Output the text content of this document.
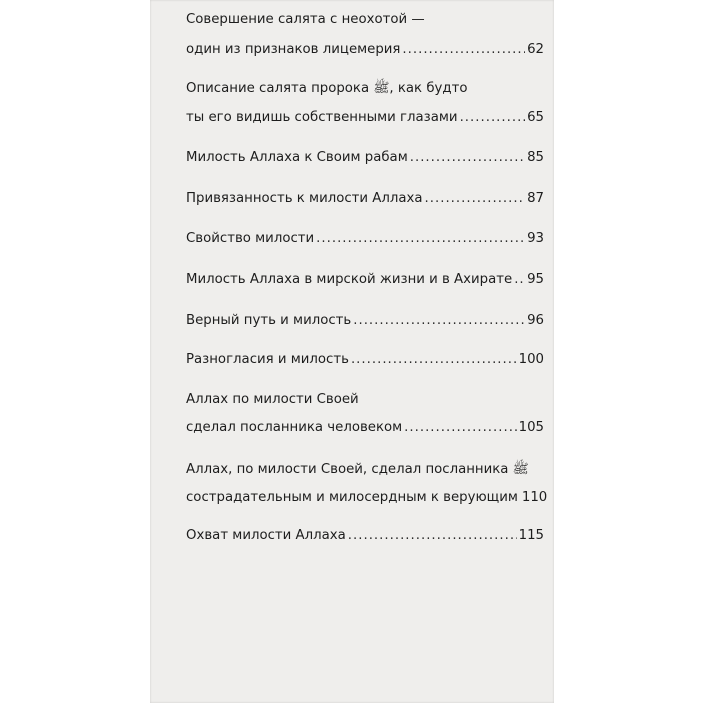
Совершение салята с неохотой —
один из признаков лицемерия .....	62
Описание салята пророка ﷺ, как будто
ты его видишь собственными глазами .....	65
Милость Аллаха к Своим рабам .....	85
Привязанность к милости Аллаха .....	87
Свойство милости .....	93
Милость Аллаха в мирской жизни и в Ахирате ..... 95
Верный путь и милость .....	96
Разногласия и милость .....	100
Аллах по милости Своей
сделал посланника человеком .....	105
Аллах, по милости Своей, сделал посланника ﷺ
сострадательным и милосердным к верующим 110
Охват милости Аллаха .....	115
